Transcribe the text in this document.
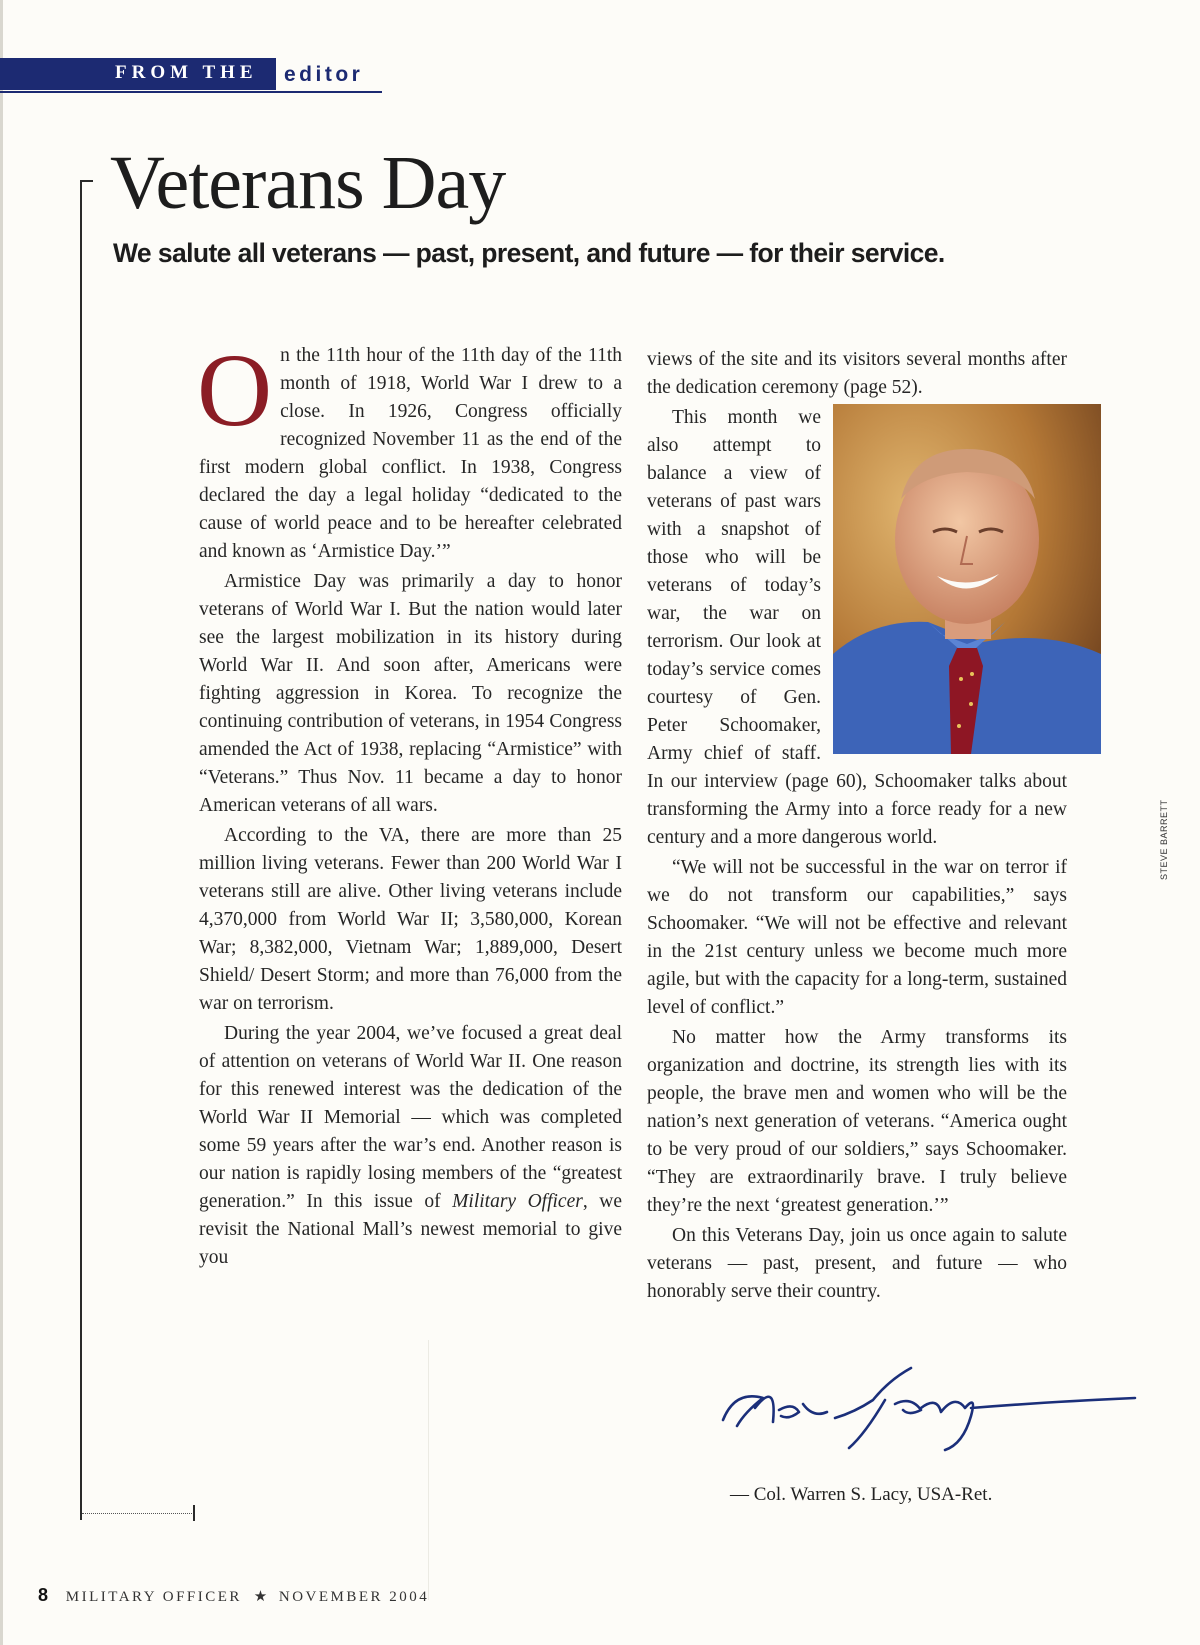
FROM THE editor
Veterans Day

We salute all veterans — past, present, and future — for their service.

On the 11th hour of the 11th day of the 11th month of 1918, World War I drew to a close. In 1926, Congress officially recognized November 11 as the end of the first modern global conflict. In 1938, Congress declared the day a legal holiday “dedicated to the cause of world peace and to be hereafter celebrated and known as ‘Armistice Day.’”

Armistice Day was primarily a day to honor veterans of World War I. But the nation would later see the largest mobilization in its history during World War II. And soon after, Americans were fighting aggression in Korea. To recognize the continuing contribution of veterans, in 1954 Congress amended the Act of 1938, replacing “Armistice” with “Veterans.” Thus Nov. 11 became a day to honor American veterans of all wars.

According to the VA, there are more than 25 million living veterans. Fewer than 200 World War I veterans still are alive. Other living veterans include 4,370,000 from World War II; 3,580,000, Korean War; 8,382,000, Vietnam War; 1,889,000, Desert Shield/ Desert Storm; and more than 76,000 from the war on terrorism.

During the year 2004, we’ve focused a great deal of attention on veterans of World War II. One reason for this renewed interest was the dedication of the World War II Memorial — which was completed some 59 years after the war’s end. Another reason is our nation is rapidly losing members of the “greatest generation.” In this issue of Military Officer, we revisit the National Mall’s newest memorial to give you

views of the site and its visitors several months after the dedication ceremony (page 52).

This month we also attempt to balance a view of veterans of past wars with a snapshot of those who will be veterans of today’s war, the war on terrorism. Our look at today’s service comes courtesy of Gen. Peter Schoomaker, Army chief of staff. In our interview (page 60), Schoomaker talks about transforming the Army into a force ready for a new century and a more dangerous world.

“We will not be successful in the war on terror if we do not transform our capabilities,” says Schoomaker. “We will not be effective and relevant in the 21st century unless we become much more agile, but with the capacity for a long-term, sustained level of conflict.”

No matter how the Army transforms its organization and doctrine, its strength lies with its people, the brave men and women who will be the nation’s next generation of veterans. “America ought to be very proud of our soldiers,” says Schoomaker. “They are extraordinarily brave. I truly believe they’re the next ‘greatest generation.’”

On this Veterans Day, join us once again to salute veterans — past, present, and future — who honorably serve their country.

STEVE BARRETT
— Col. Warren S. Lacy, USA-Ret.
8 MILITARY OFFICER ★ NOVEMBER 2004
